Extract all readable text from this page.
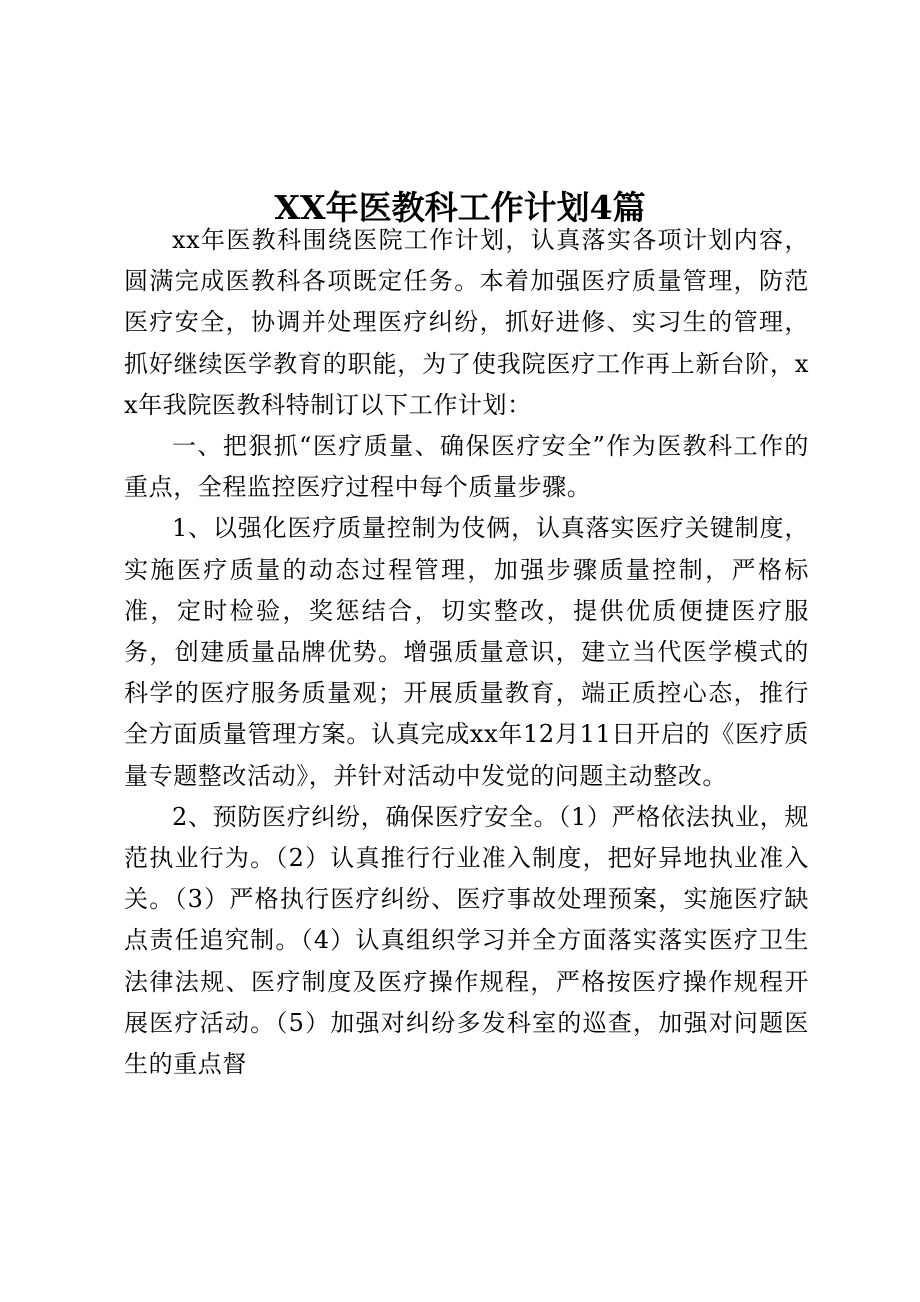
XX年医教科工作计划4篇

xx年医教科围绕医院工作计划，认真落实各项计划内容，圆满完成医教科各项既定任务。本着加强医疗质量管理，防范医疗安全，协调并处理医疗纠纷，抓好进修、实习生的管理，抓好继续医学教育的职能，为了使我院医疗工作再上新台阶，xx年我院医教科特制订以下工作计划：

一、把狠抓“医疗质量、确保医疗安全”作为医教科工作的重点，全程监控医疗过程中每个质量步骤。

1、以强化医疗质量控制为伎俩，认真落实医疗关键制度，实施医疗质量的动态过程管理，加强步骤质量控制，严格标准，定时检验，奖惩结合，切实整改，提供优质便捷医疗服务，创建质量品牌优势。增强质量意识，建立当代医学模式的科学的医疗服务质量观；开展质量教育，端正质控心态，推行全方面质量管理方案。认真完成xx年12月11日开启的《医疗质量专题整改活动》，并针对活动中发觉的问题主动整改。

2、预防医疗纠纷，确保医疗安全。（1）严格依法执业，规范执业行为。（2）认真推行行业准入制度，把好异地执业准入关。（3）严格执行医疗纠纷、医疗事故处理预案，实施医疗缺点责任追究制。（4）认真组织学习并全方面落实落实医疗卫生法律法规、医疗制度及医疗操作规程，严格按医疗操作规程开展医疗活动。（5）加强对纠纷多发科室的巡查，加强对问题医生的重点督
